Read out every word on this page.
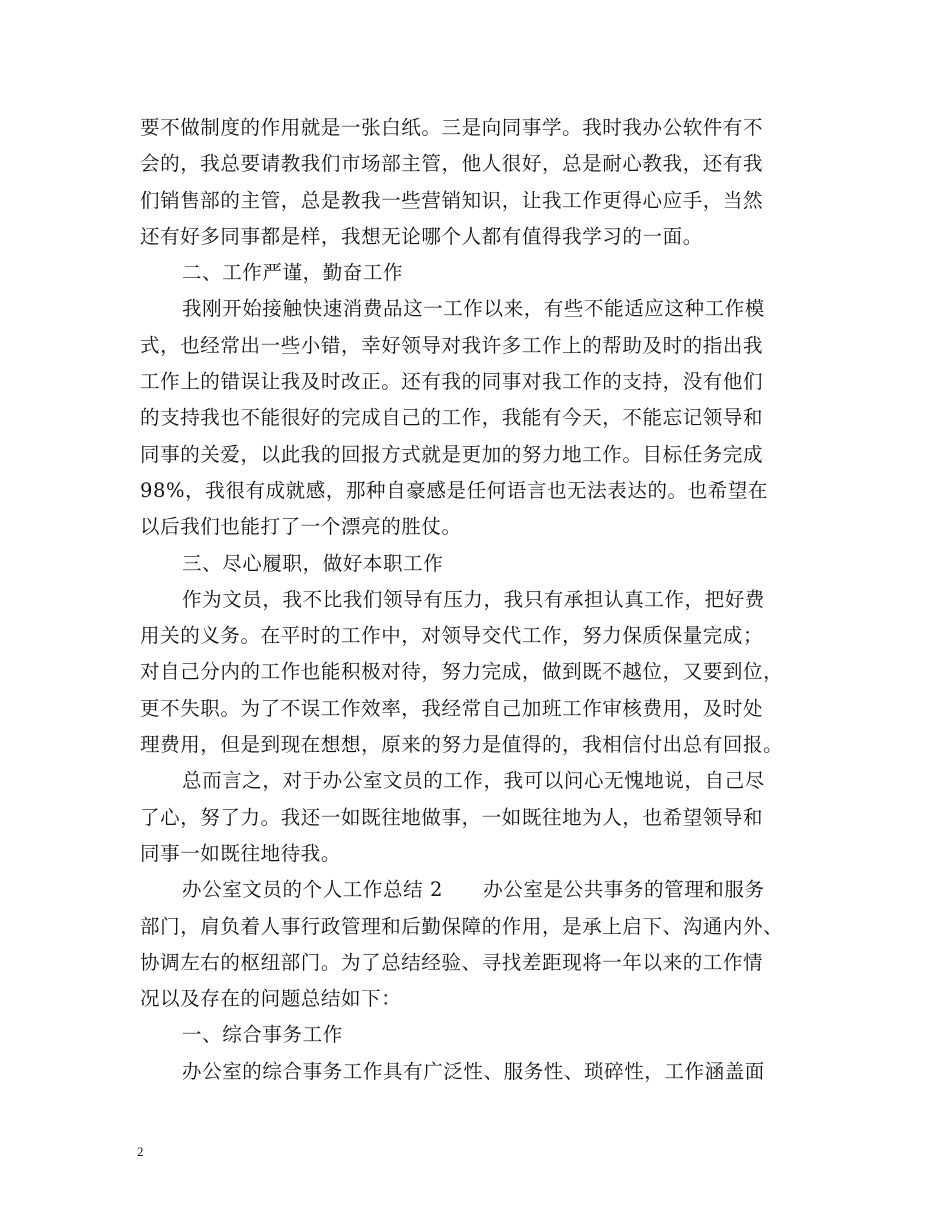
要不做制度的作用就是一张白纸。三是向同事学。我时我办公软件有不
会的，我总要请教我们市场部主管，他人很好，总是耐心教我，还有我
们销售部的主管，总是教我一些营销知识，让我工作更得心应手，当然
还有好多同事都是样，我想无论哪个人都有值得我学习的一面。
二、工作严谨，勤奋工作
我刚开始接触快速消费品这一工作以来，有些不能适应这种工作模
式，也经常出一些小错，幸好领导对我许多工作上的帮助及时的指出我
工作上的错误让我及时改正。还有我的同事对我工作的支持，没有他们
的支持我也不能很好的完成自己的工作，我能有今天，不能忘记领导和
同事的关爱，以此我的回报方式就是更加的努力地工作。目标任务完成
98%，我很有成就感，那种自豪感是任何语言也无法表达的。也希望在
以后我们也能打了一个漂亮的胜仗。
三、尽心履职，做好本职工作
作为文员，我不比我们领导有压力，我只有承担认真工作，把好费
用关的义务。在平时的工作中，对领导交代工作，努力保质保量完成；
对自己分内的工作也能积极对待，努力完成，做到既不越位，又要到位，
更不失职。为了不误工作效率，我经常自己加班工作审核费用，及时处
理费用，但是到现在想想，原来的努力是值得的，我相信付出总有回报。
总而言之，对于办公室文员的工作，我可以问心无愧地说，自己尽
了心，努了力。我还一如既往地做事，一如既往地为人，也希望领导和
同事一如既往地待我。
办公室文员的个人工作总结 2　　办公室是公共事务的管理和服务
部门，肩负着人事行政管理和后勤保障的作用，是承上启下、沟通内外、
协调左右的枢纽部门。为了总结经验、寻找差距现将一年以来的工作情
况以及存在的问题总结如下：
一、综合事务工作
办公室的综合事务工作具有广泛性、服务性、琐碎性，工作涵盖面
2
